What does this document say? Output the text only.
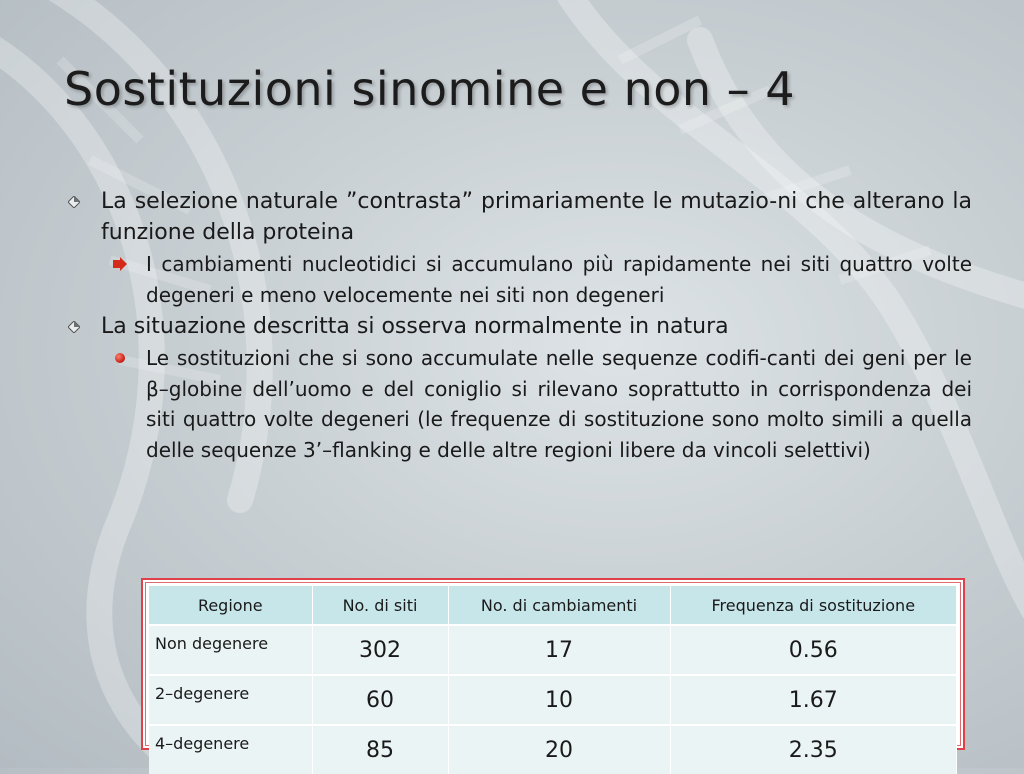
Sostituzioni sinomine e non – 4
La selezione naturale ”contrasta” primariamente le mutazio-ni che alterano la funzione della proteina
I cambiamenti nucleotidici si accumulano più rapidamente nei siti quattro volte degeneri e meno velocemente nei siti non degeneri
La situazione descritta si osserva normalmente in natura
Le sostituzioni che si sono accumulate nelle sequenze codifi-canti dei geni per le β–globine dell’uomo e del coniglio si rilevano soprattutto in corrispondenza dei siti quattro volte degeneri (le frequenze di sostituzione sono molto simili a quella delle sequenze 3’–flanking e delle altre regioni libere da vincoli selettivi)
Regione	No. di siti	No. di cambiamenti	Frequenza di sostituzione
Non degenere	302	17	0.56
2–degenere	60	10	1.67
4–degenere	85	20	2.35
